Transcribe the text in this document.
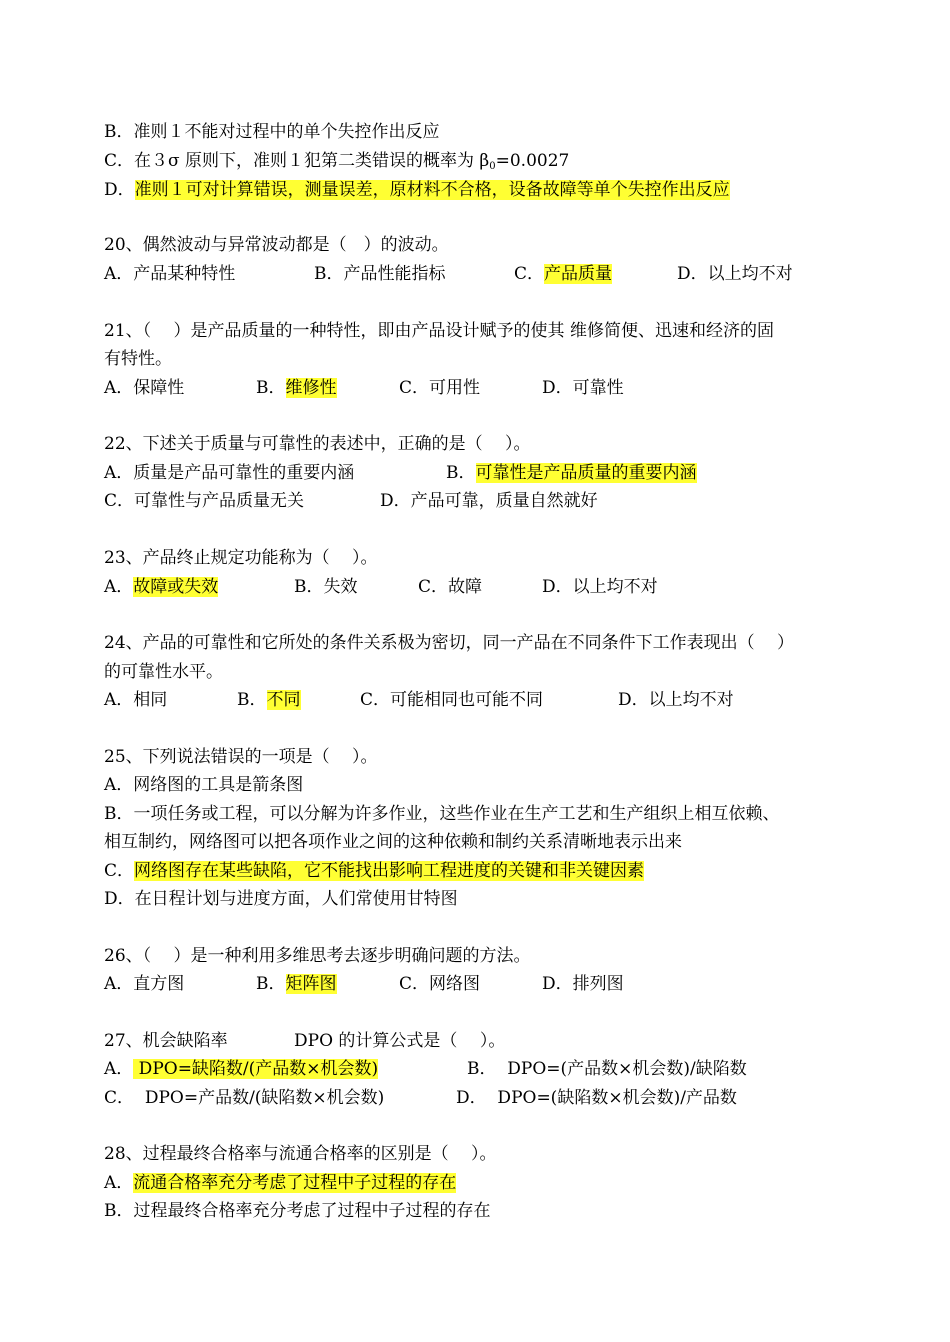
B．准则１不能对过程中的单个失控作出反应
C．在３σ 原则下，准则１犯第二类错误的概率为 $\beta_0=0.0027$
D．准则１可对计算错误，测量误差，原材料不合格，设备故障等单个失控作出反应
20、偶然波动与异常波动都是（　）的波动。

A．产品某种特性

	B．产品性能指标

	C．产品质量

	D．以上均不对

21、（　 ）是产品质量的一种特性，即由产品设计赋予的使其 维修简便、迅速和经济的固
有特性。

A．保障性

	B．维修性

	C．可用性

	D．可靠性

22、下述关于质量与可靠性的表述中，正确的是（　 ）。

A．质量是产品可靠性的重要内涵

	B．可靠性是产品质量的重要内涵

C．可靠性与产品质量无关

	D．产品可靠，质量自然就好

23、产品终止规定功能称为（　 ）。

A．故障或失效

	B．失效

	C．故障

	D．以上均不对

24、产品的可靠性和它所处的条件关系极为密切，同一产品在不同条件下工作表现出（　 ）
的可靠性水平。

A．相同

	B．不同

	C．可能相同也可能不同

	D．以上均不对

25、下列说法错误的一项是（　 ）。
A．网络图的工具是箭条图
B．一项任务或工程，可以分解为许多作业，这些作业在生产工艺和生产组织上相互依赖、
相互制约，网络图可以把各项作业之间的这种依赖和制约关系清晰地表示出来
C．网络图存在某些缺陷，它不能找出影响工程进度的关键和非关键因素
D．在日程计划与进度方面，人们常使用甘特图
26、（　 ）是一种利用多维思考去逐步明确问题的方法。

A．直方图

	B．矩阵图

	C．网络图

	D．排列图

27、机会缺陷率

	DPO 的计算公式是（　 ）。

A． DPO=缺陷数/(产品数×机会数)

	B．  DPO=(产品数×机会数)/缺陷数

C．  DPO=产品数/(缺陷数×机会数)

	D．  DPO=(缺陷数×机会数)/产品数

28、过程最终合格率与流通合格率的区别是（　 ）。
A．流通合格率充分考虑了过程中子过程的存在
B．过程最终合格率充分考虑了过程中子过程的存在
